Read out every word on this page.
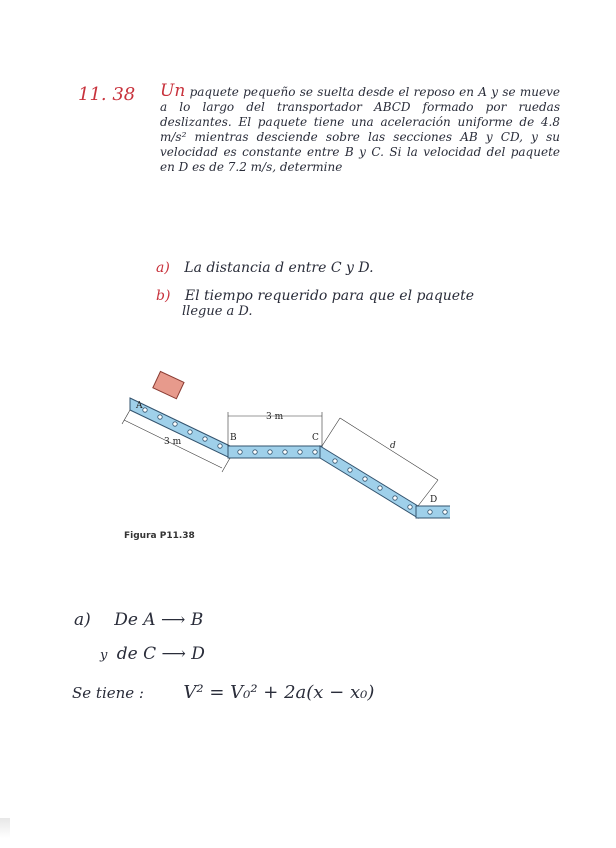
11. 38 Un paquete pequeño se suelta desde el reposo en A y se mueve a lo largo del transportador ABCD formado por ruedas deslizantes. El paquete tiene una aceleración uniforme de 4.8 m/s² mientras desciende sobre las secciones AB y CD, y su velocidad es constante entre B y C. Si la velocidad del paquete en D es de 7.2 m/s, determine
a) La distancia d entre C y D.
b) El tiempo requerido para que el paquete
llegue a D.
A
B	C
D
d
3 m
3 m
Figura P11.38
a) De A ⟶ B
y de C ⟶ D
Se tiene : V² = V₀² + 2a(x − x₀)
